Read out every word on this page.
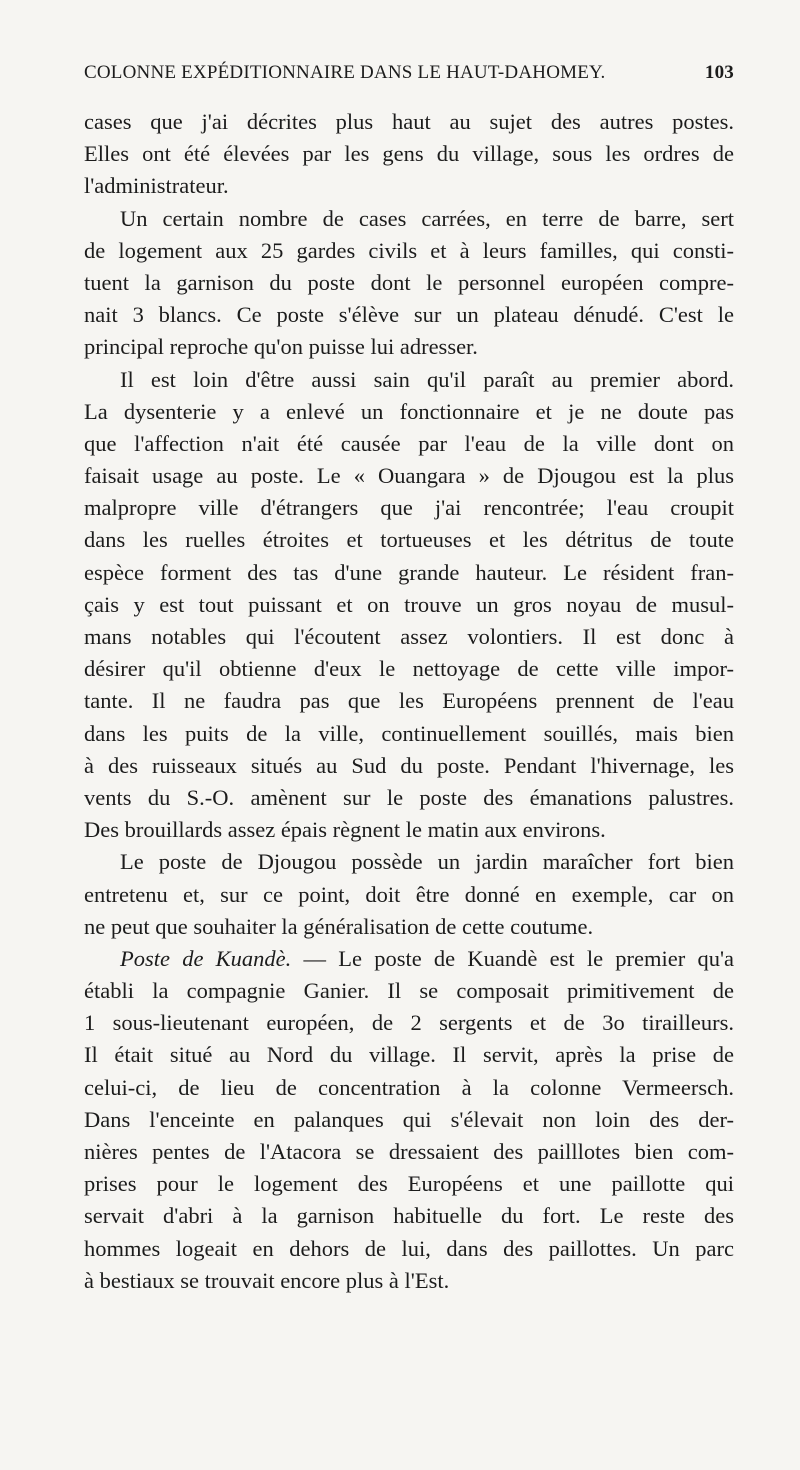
COLONNE EXPÉDITIONNAIRE DANS LE HAUT-DAHOMEY.	103
cases que j'ai décrites plus haut au sujet des autres postes.
Elles ont été élevées par les gens du village, sous les ordres de
l'administrateur.
Un certain nombre de cases carrées, en terre de barre, sert
de logement aux 25 gardes civils et à leurs familles, qui consti-
tuent la garnison du poste dont le personnel européen compre-
nait 3 blancs. Ce poste s'élève sur un plateau dénudé. C'est le
principal reproche qu'on puisse lui adresser.
Il est loin d'être aussi sain qu'il paraît au premier abord.
La dysenterie y a enlevé un fonctionnaire et je ne doute pas
que l'affection n'ait été causée par l'eau de la ville dont on
faisait usage au poste. Le « Ouangara » de Djougou est la plus
malpropre ville d'étrangers que j'ai rencontrée; l'eau croupit
dans les ruelles étroites et tortueuses et les détritus de toute
espèce forment des tas d'une grande hauteur. Le résident fran-
çais y est tout puissant et on trouve un gros noyau de musul-
mans notables qui l'écoutent assez volontiers. Il est donc à
désirer qu'il obtienne d'eux le nettoyage de cette ville impor-
tante. Il ne faudra pas que les Européens prennent de l'eau
dans les puits de la ville, continuellement souillés, mais bien
à des ruisseaux situés au Sud du poste. Pendant l'hivernage, les
vents du S.-O. amènent sur le poste des émanations palustres.
Des brouillards assez épais règnent le matin aux environs.
Le poste de Djougou possède un jardin maraîcher fort bien
entretenu et, sur ce point, doit être donné en exemple, car on
ne peut que souhaiter la généralisation de cette coutume.
Poste de Kuandè. — Le poste de Kuandè est le premier qu'a
établi la compagnie Ganier. Il se composait primitivement de
1 sous-lieutenant européen, de 2 sergents et de 3o tirailleurs.
Il était situé au Nord du village. Il servit, après la prise de
celui-ci, de lieu de concentration à la colonne Vermeersch.
Dans l'enceinte en palanques qui s'élevait non loin des der-
nières pentes de l'Atacora se dressaient des pailllotes bien com-
prises pour le logement des Européens et une paillotte qui
servait d'abri à la garnison habituelle du fort. Le reste des
hommes logeait en dehors de lui, dans des paillottes. Un parc
à bestiaux se trouvait encore plus à l'Est.
